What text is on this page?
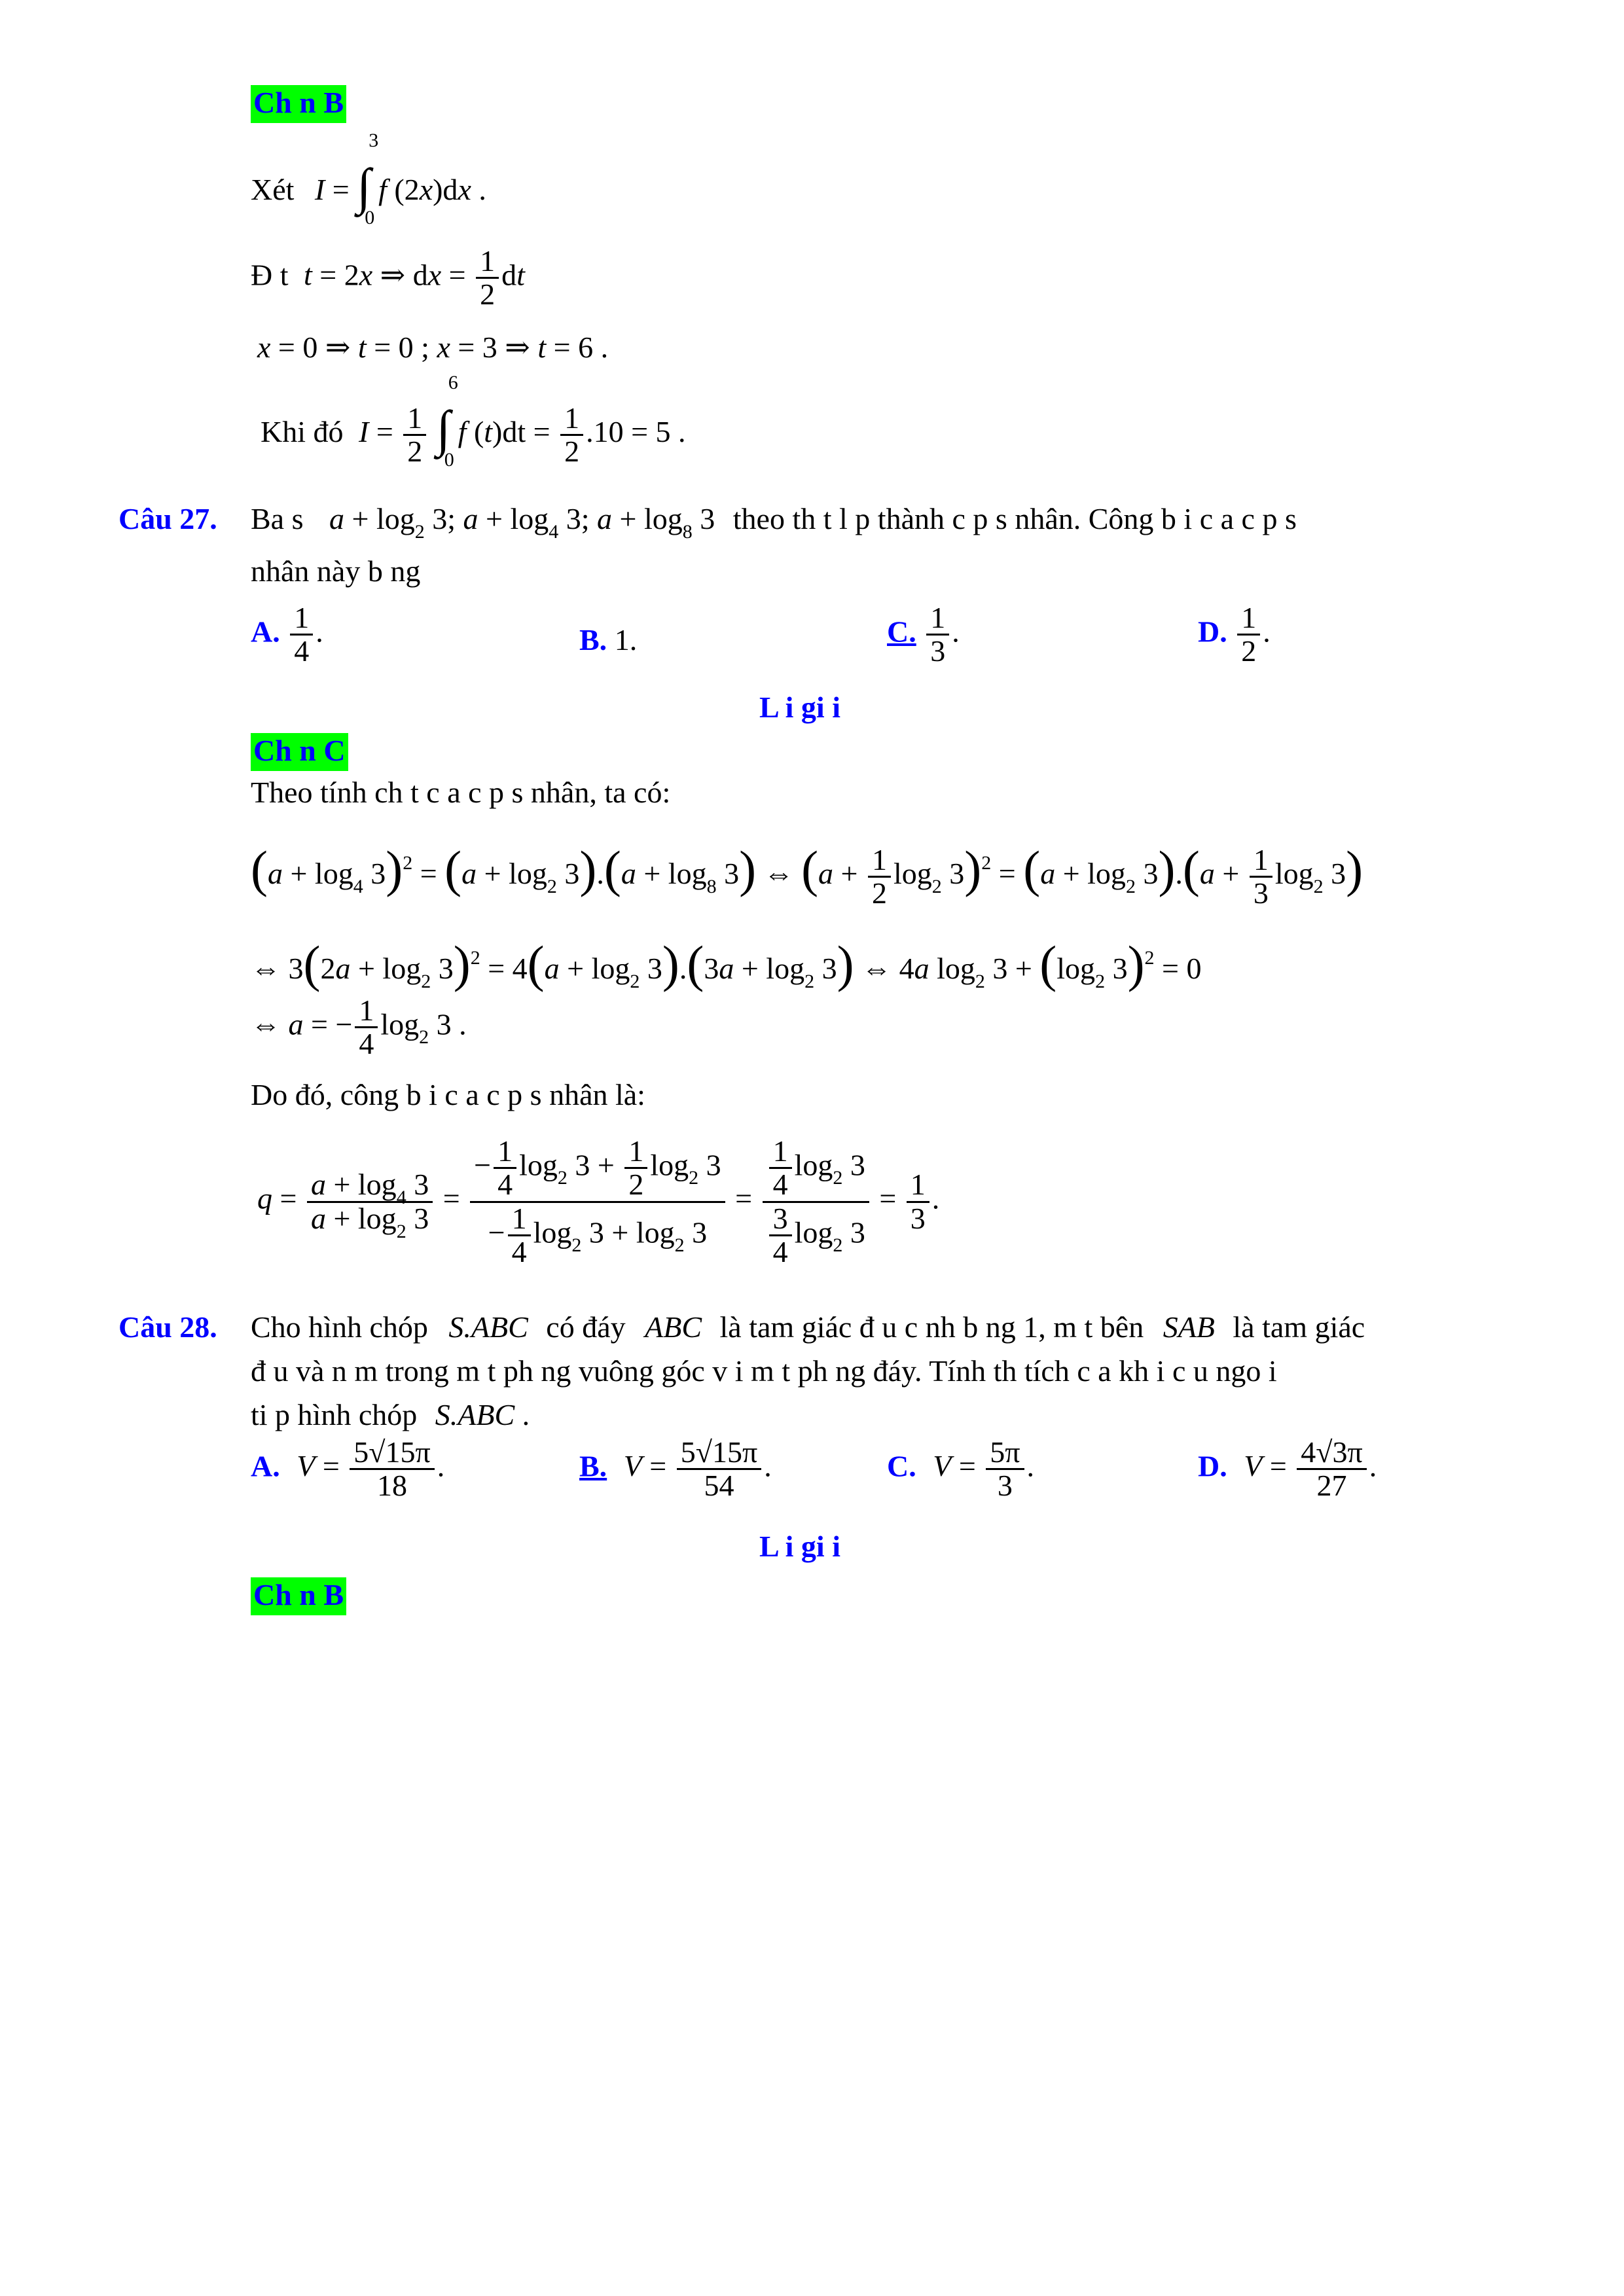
Ch n B
Xét I = ∫
3
0
f (2x)dx .
Đ t t = 2x ⇒ dx = $\frac{1}{2}$ dt
x = 0 ⇒ t = 0 ; x = 3 ⇒ t = 6 .
Khi đó $I = \frac{1}{2}$ ∫
6
0
f $(t)dt = \frac{1}{2} .10 = 5$ .
Câu 27. Ba s $a + \log_2 3$; $a + \log_4 3$; $a + \log_8 3$ theo th t l p thành c p s nhân. Công b i c a c p s
nhân này b ng
A. $\frac{1}{4}$ .	B. 1.	C. $\frac{1}{3}$ .	D. $\frac{1}{2}$ .
L i gi i
Ch n C
Theo tính ch t c a c p s nhân, ta có:
$(a + \log_4 3)^2 = (a + \log_2 3).(a + \log_8 3)$ ⇔ $(a + \frac{1}{2} \log_2 3)^2 = (a + \log_2 3).(a + \frac{1}{3} \log_2 3)$
⇔ $3(2a + \log_2 3)^2 = 4(a + \log_2 3).(3a + \log_2 3)$ ⇔ 4a $\log_2 3 + (\log_2$ 3)$^2$ = 0
⇔ a = − $\frac{1}{4} \log_2 3$ .
Do đó, công b i c a c p s nhân là:
$q = \frac{a + \log_4 3}{a + \log_2 3} = \frac{- \frac{1}{4} \log_2 3 + \frac{1}{2} \log_2 3}{- \frac{1}{4} \log_2 3 + \log_2 3} = \frac{\frac{1}{4} \log_2 3}{\frac{3}{4} \log_2 3} = \frac{1}{3}$ .
Câu 28. Cho hình chóp S.ABC có đáy ABC là tam giác đ u c nh b ng 1, m t bên SAB là tam giác
đ u và n m trong m t ph ng vuông góc v i m t ph ng đáy. Tính th tích c a kh i c u ngo i
ti p hình chóp S.ABC .
A. $V = \frac{5√15\pi}{18}$ .	B. $V = \frac{5√15\pi}{54}$ .	C. $V = \frac{5\pi}{3}$ .	D. $V = \frac{4√3\pi}{27}$ .
L i gi i
Ch n B
